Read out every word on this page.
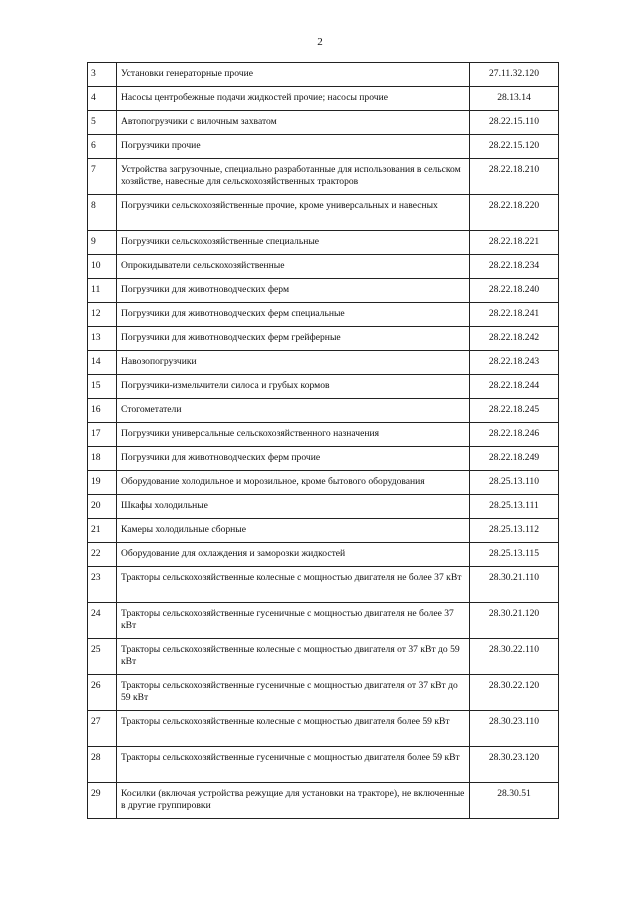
2
3	Установки генераторные прочие	27.11.32.120
4	Насосы центробежные подачи жидкостей прочие; насосы прочие	28.13.14
5	Автопогрузчики с вилочным захватом	28.22.15.110
6	Погрузчики прочие	28.22.15.120
7	Устройства загрузочные, специально разработанные для использования в сельском хозяйстве, навесные для сельскохозяйственных тракторов	28.22.18.210
8	Погрузчики сельскохозяйственные прочие, кроме универсальных и навесных	28.22.18.220
9	Погрузчики сельскохозяйственные специальные	28.22.18.221
10	Опрокидыватели сельскохозяйственные	28.22.18.234
11	Погрузчики для животноводческих ферм	28.22.18.240
12	Погрузчики для животноводческих ферм специальные	28.22.18.241
13	Погрузчики для животноводческих ферм грейферные	28.22.18.242
14	Навозопогрузчики	28.22.18.243
15	Погрузчики-измельчители силоса и грубых кормов	28.22.18.244
16	Стогометатели	28.22.18.245
17	Погрузчики универсальные сельскохозяйственного назначения	28.22.18.246
18	Погрузчики для животноводческих ферм прочие	28.22.18.249
19	Оборудование холодильное и морозильное, кроме бытового оборудования	28.25.13.110
20	Шкафы холодильные	28.25.13.111
21	Камеры холодильные сборные	28.25.13.112
22	Оборудование для охлаждения и заморозки жидкостей	28.25.13.115
23	Тракторы сельскохозяйственные колесные с мощностью двигателя не более 37 кВт	28.30.21.110
24	Тракторы сельскохозяйственные гусеничные с мощностью двигателя не более 37 кВт	28.30.21.120
25	Тракторы сельскохозяйственные колесные с мощностью двигателя от 37 кВт до 59 кВт	28.30.22.110
26	Тракторы сельскохозяйственные гусеничные с мощностью двигателя от 37 кВт до 59 кВт	28.30.22.120
27	Тракторы сельскохозяйственные колесные с мощностью двигателя более 59 кВт	28.30.23.110
28	Тракторы сельскохозяйственные гусеничные с мощностью двигателя более 59 кВт	28.30.23.120
29	Косилки (включая устройства режущие для установки на тракторе), не включенные в другие группировки	28.30.51
